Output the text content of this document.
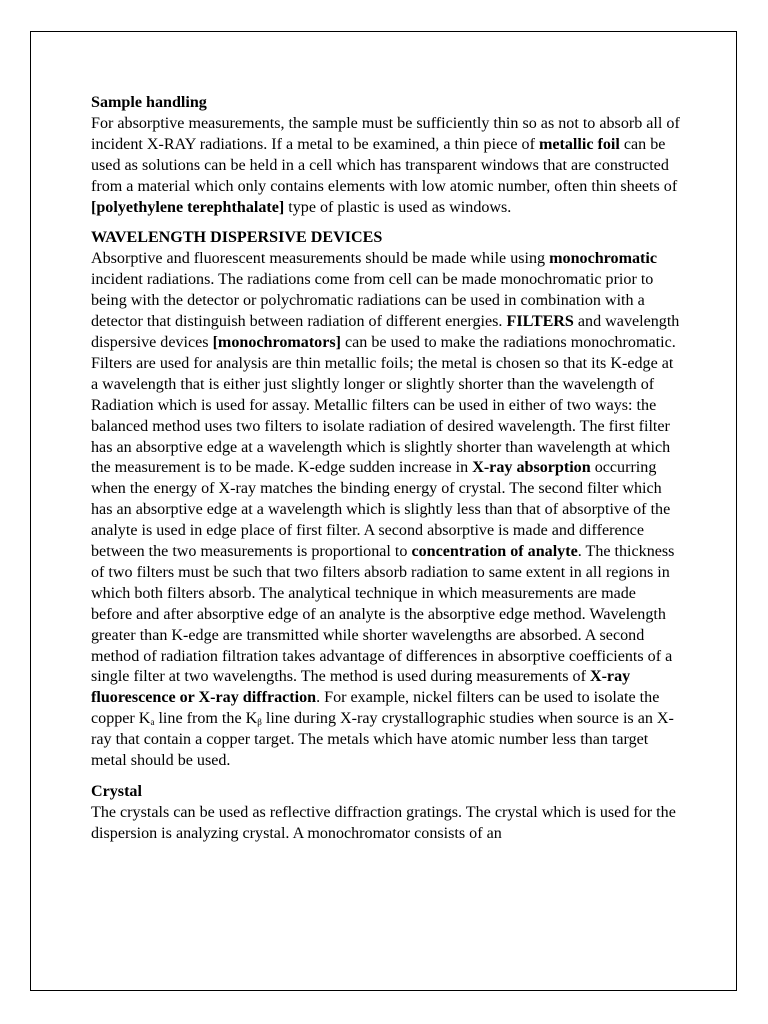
Sample handling

For absorptive measurements, the sample must be sufficiently thin so as not to absorb all of incident X-RAY radiations. If a metal to be examined, a thin piece of metallic foil can be used as solutions can be held in a cell which has transparent windows that are constructed from a material which only contains elements with low atomic number, often thin sheets of [polyethylene terephthalate] type of plastic is used as windows.

WAVELENGTH DISPERSIVE DEVICES

Absorptive and fluorescent measurements should be made while using monochromatic incident radiations. The radiations come from cell can be made monochromatic prior to being with the detector or polychromatic radiations can be used in combination with a detector that distinguish between radiation of different energies. FILTERS and wavelength dispersive devices [monochromators] can be used to make the radiations monochromatic. Filters are used for analysis are thin metallic foils; the metal is chosen so that its K-edge at a wavelength that is either just slightly longer or slightly shorter than the wavelength of Radiation which is used for assay. Metallic filters can be used in either of two ways: the balanced method uses two filters to isolate radiation of desired wavelength. The first filter has an absorptive edge at a wavelength which is slightly shorter than wavelength at which the measurement is to be made. K-edge sudden increase in X-ray absorption occurring when the energy of X-ray matches the binding energy of crystal. The second filter which has an absorptive edge at a wavelength which is slightly less than that of absorptive of the analyte is used in edge place of first filter. A second absorptive is made and difference between the two measurements is proportional to concentration of analyte. The thickness of two filters must be such that two filters absorb radiation to same extent in all regions in which both filters absorb. The analytical technique in which measurements are made before and after absorptive edge of an analyte is the absorptive edge method. Wavelength greater than K-edge are transmitted while shorter wavelengths are absorbed. A second method of radiation filtration takes advantage of differences in absorptive coefficients of a single filter at two wavelengths. The method is used during measurements of X-ray fluorescence or X-ray diffraction. For example, nickel filters can be used to isolate the copper $K_a$ line from the $K_\beta$ line during X-ray crystallographic studies when source is an X-ray that contain a copper target. The metals which have atomic number less than target metal should be used.

Crystal

The crystals can be used as reflective diffraction gratings. The crystal which is used for the dispersion is analyzing crystal. A monochromator consists of an
